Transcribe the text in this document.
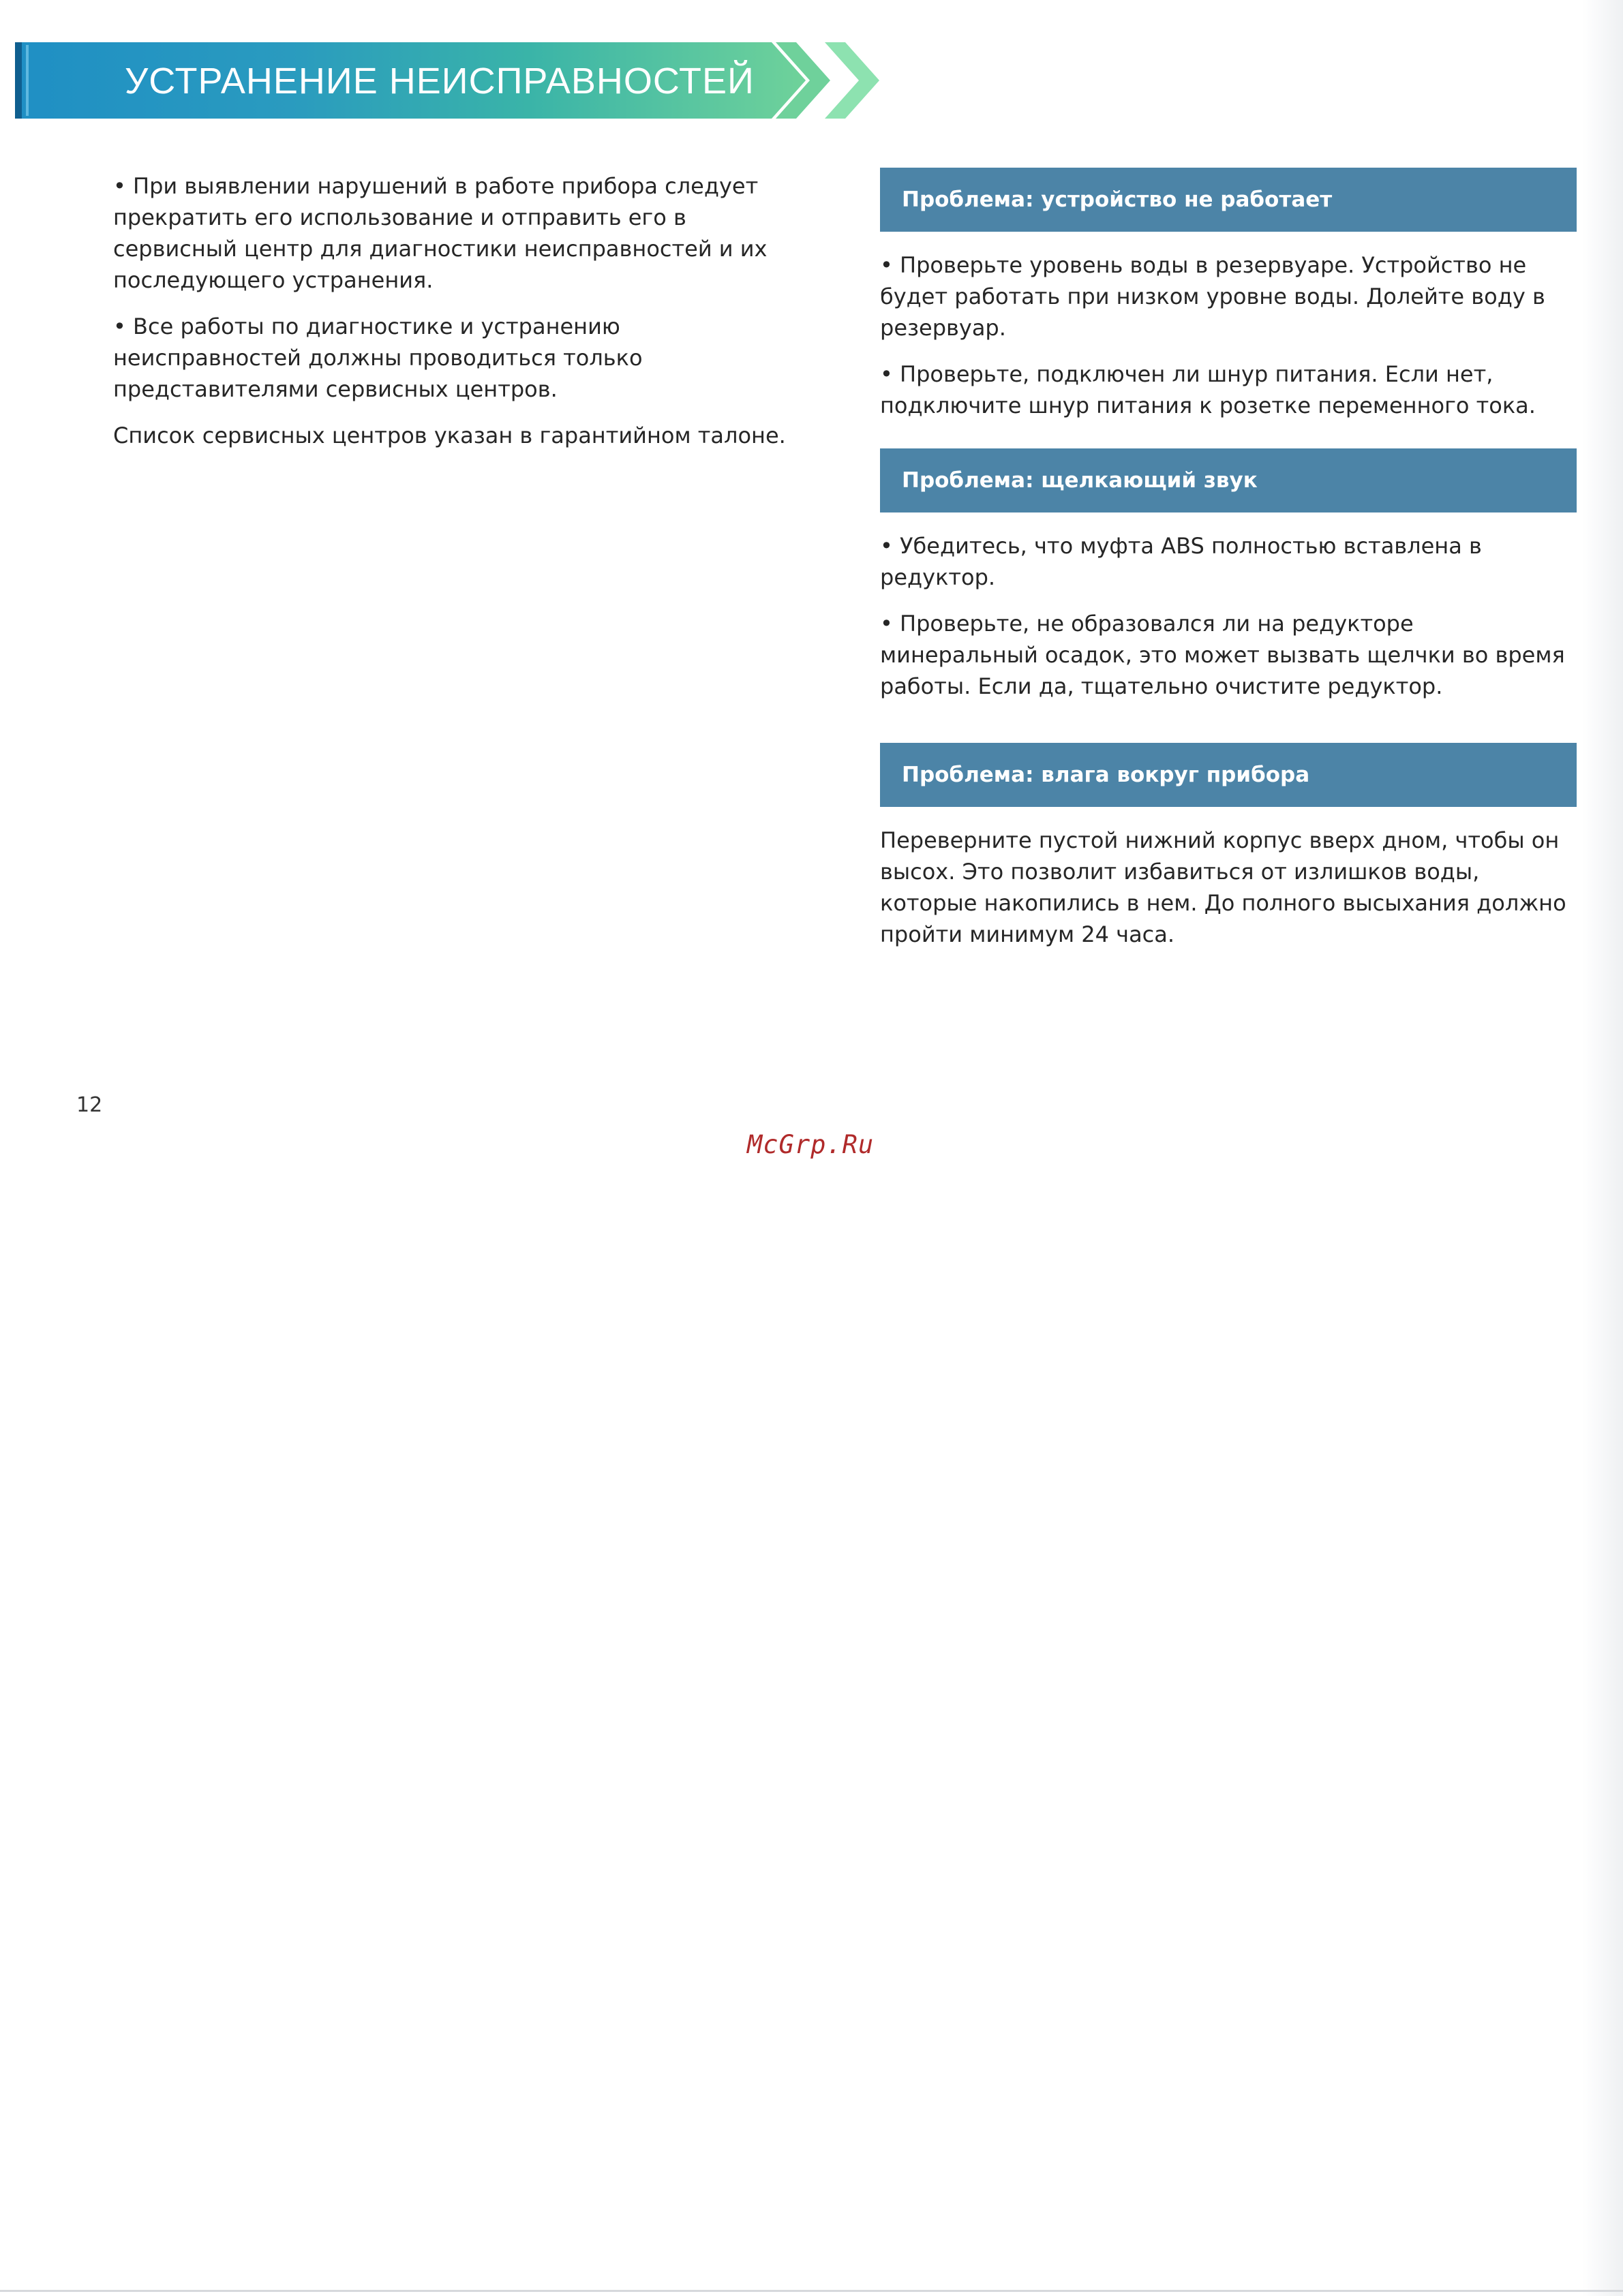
УСТРАНЕНИЕ НЕИСПРАВНОСТЕЙ

• При выявлении нарушений в работе прибора следует прекратить его использование и отправить его в сервисный центр для диагностики неисправностей и их последующего устранения.

• Все работы по диагностике и устранению неисправностей должны проводиться только представителями сервисных центров.

Список сервисных центров указан в гарантийном талоне.

Проблема: устройство не работает

• Проверьте уровень воды в резервуаре. Устройство не будет работать при низком уровне воды. Долейте воду в резервуар.

• Проверьте, подключен ли шнур питания. Если нет, подключите шнур питания к розетке переменного тока.

Проблема: щелкающий звук

• Убедитесь, что муфта ABS полностью вставлена в редуктор.

• Проверьте, не образовался ли на редукторе минеральный осадок, это может вызвать щелчки во время работы. Если да, тщательно очистите редуктор.

Проблема: влага вокруг прибора

Переверните пустой нижний корпус вверх дном, чтобы он высох. Это позволит избавиться от излишков воды, которые накопились в нем. До полного высыхания должно пройти минимум 24 часа.

12
McGrp.Ru
